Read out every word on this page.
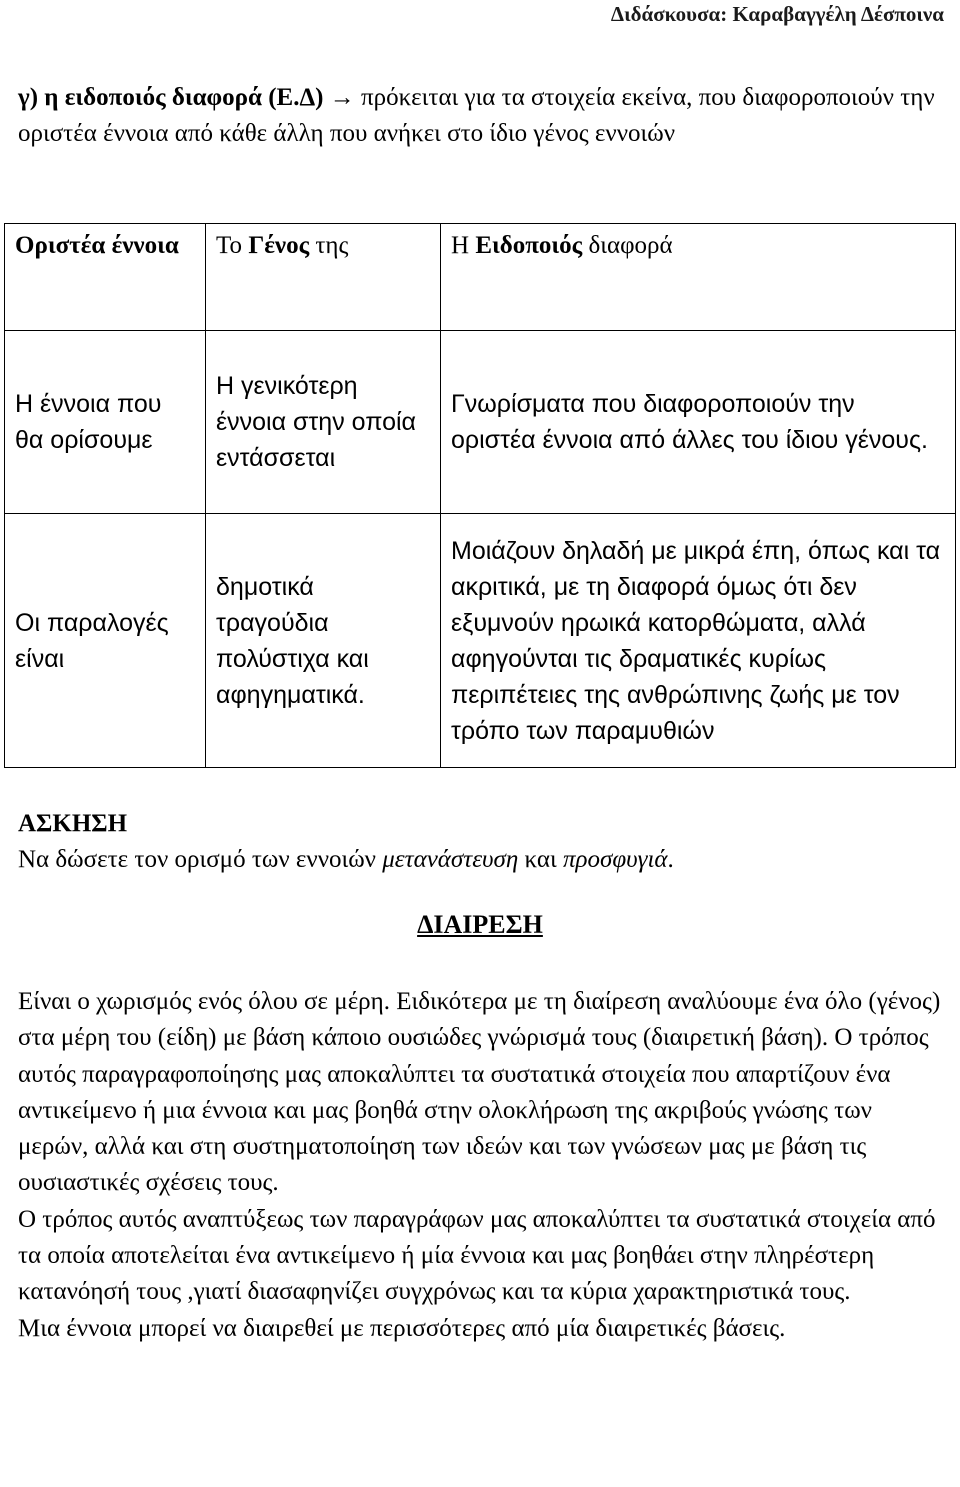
Διδάσκουσα: Καραβαγγέλη Δέσποινα
γ) η ειδοποιός διαφορά (Ε.Δ) → πρόκειται για τα στοιχεία εκείνα, που διαφοροποιούν την οριστέα έννοια από κάθε άλλη που ανήκει στο ίδιο γένος εννοιών
Οριστέα έννοια	Το Γένος της	Η Ειδοποιός διαφορά
Η έννοια που θα ορίσουμε	Η γενικότερη έννοια στην οποία εντάσσεται	Γνωρίσματα που διαφοροποιούν την οριστέα έννοια από άλλες του ίδιου γένους.
Οι παραλογές είναι	δημοτικά τραγούδια πολύστιχα και αφηγηματικά.	Μοιάζουν δηλαδή με μικρά έπη, όπως και τα ακριτικά, με τη διαφορά όμως ότι δεν εξυμνούν ηρωικά κατορθώματα, αλλά αφηγούνται τις δραματικές κυρίως περιπέτειες της ανθρώπινης ζωής με τον τρόπο των παραμυθιών
ΑΣΚΗΣΗ
Να δώσετε τον ορισμό των εννοιών μετανάστευση και προσφυγιά.
ΔΙΑΙΡΕΣΗ

Είναι ο χωρισμός ενός όλου σε μέρη. Ειδικότερα με τη διαίρεση αναλύουμε ένα όλο (γένος) στα μέρη του (είδη) με βάση κάποιο ουσιώδες γνώρισμά τους (διαιρετική βάση). Ο τρόπος αυτός παραγραφοποίησης μας αποκαλύπτει τα συστατικά στοιχεία που απαρτίζουν ένα αντικείμενο ή μια έννοια και μας βοηθά στην ολοκλήρωση της ακριβούς γνώσης των μερών, αλλά και στη συστηματοποίηση των ιδεών και των γνώσεων μας με βάση τις ουσιαστικές σχέσεις τους.

Ο τρόπος αυτός αναπτύξεως των παραγράφων μας αποκαλύπτει τα συστατικά στοιχεία από τα οποία αποτελείται ένα αντικείμενο ή μία έννοια και μας βοηθάει στην πληρέστερη κατανόησή τους ,γιατί διασαφηνίζει συγχρόνως και τα κύρια χαρακτηριστικά τους.

Μια έννοια μπορεί να διαιρεθεί με περισσότερες από μία διαιρετικές βάσεις.
